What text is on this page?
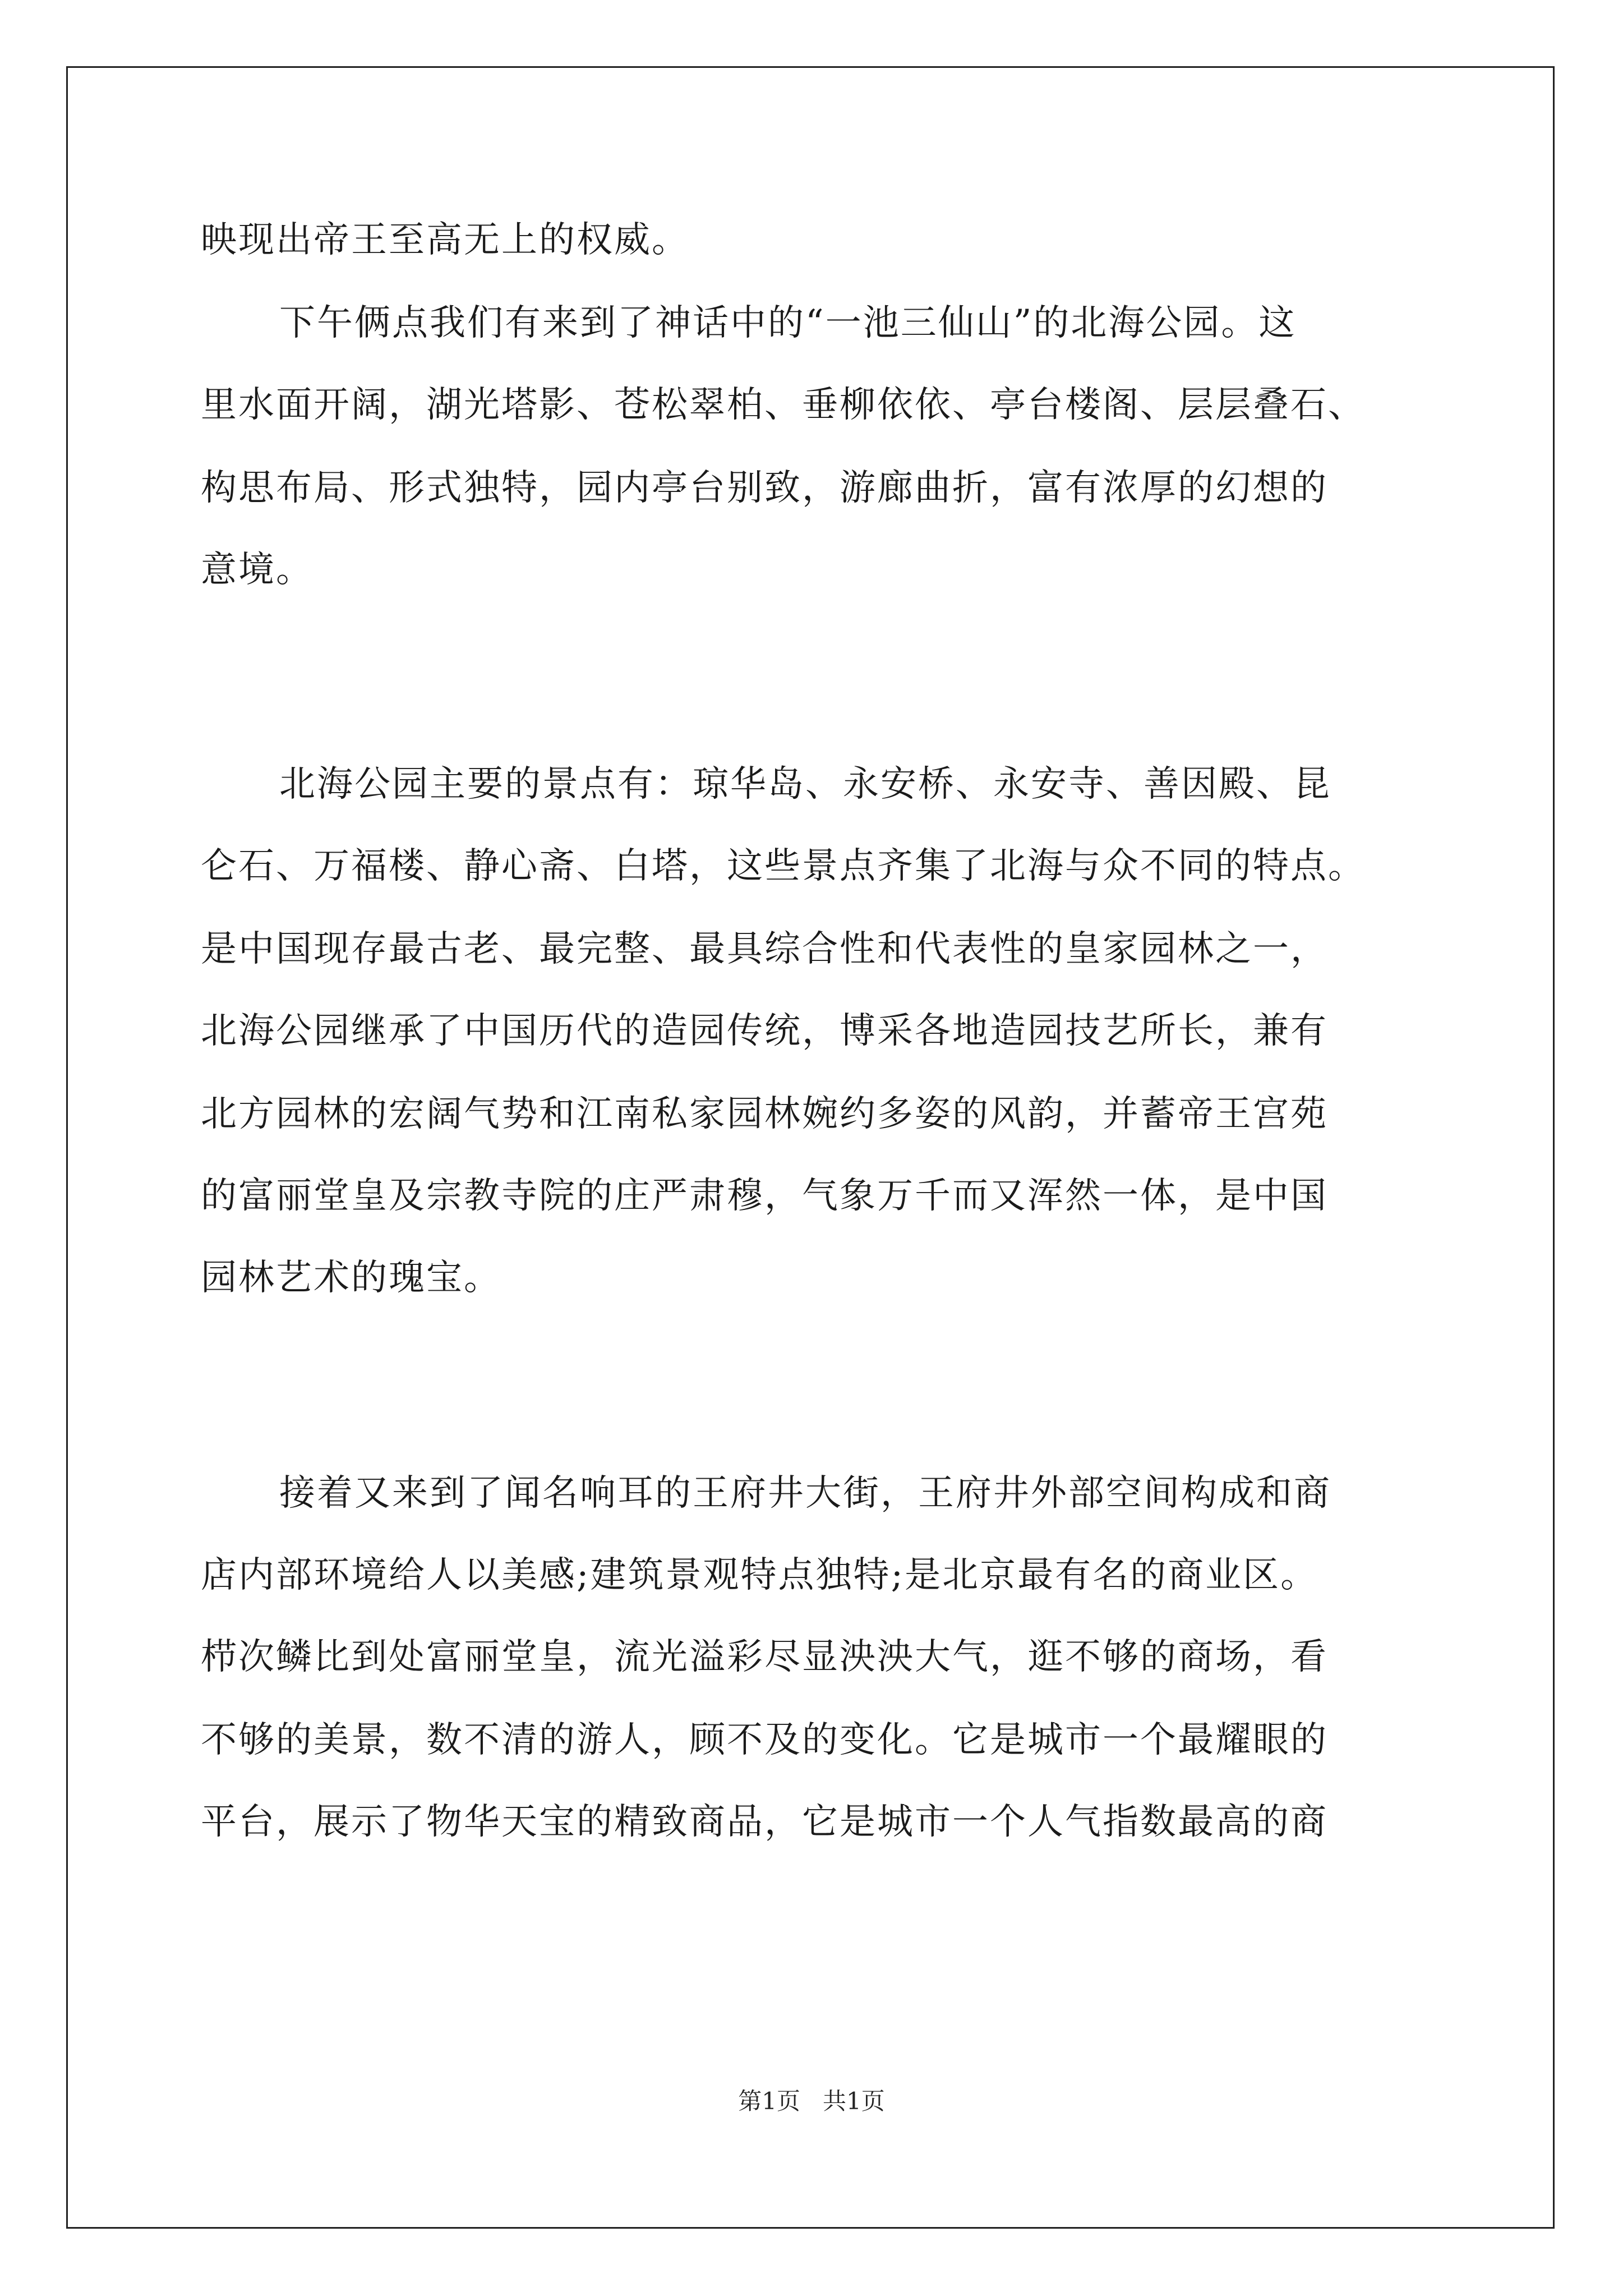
映现出帝王至高无上的权威。
下午俩点我们有来到了神话中的“一池三仙山”的北海公园。这
里水面开阔，湖光塔影、苍松翠柏、垂柳依依、亭台楼阁、层层叠石、
构思布局、形式独特，园内亭台别致，游廊曲折，富有浓厚的幻想的
意境。
北海公园主要的景点有：琼华岛、永安桥、永安寺、善因殿、昆
仑石、万福楼、静心斋、白塔，这些景点齐集了北海与众不同的特点。
是中国现存最古老、最完整、最具综合性和代表性的皇家园林之一，
北海公园继承了中国历代的造园传统，博采各地造园技艺所长，兼有
北方园林的宏阔气势和江南私家园林婉约多姿的风韵，并蓄帝王宫苑
的富丽堂皇及宗教寺院的庄严肃穆，气象万千而又浑然一体，是中国
园林艺术的瑰宝。
接着又来到了闻名响耳的王府井大街，王府井外部空间构成和商
店内部环境给人以美感;建筑景观特点独特;是北京最有名的商业区。
栉次鳞比到处富丽堂皇，流光溢彩尽显泱泱大气，逛不够的商场，看
不够的美景，数不清的游人，顾不及的变化。它是城市一个最耀眼的
平台，展示了物华天宝的精致商品，它是城市一个人气指数最高的商
第1页 共1页
